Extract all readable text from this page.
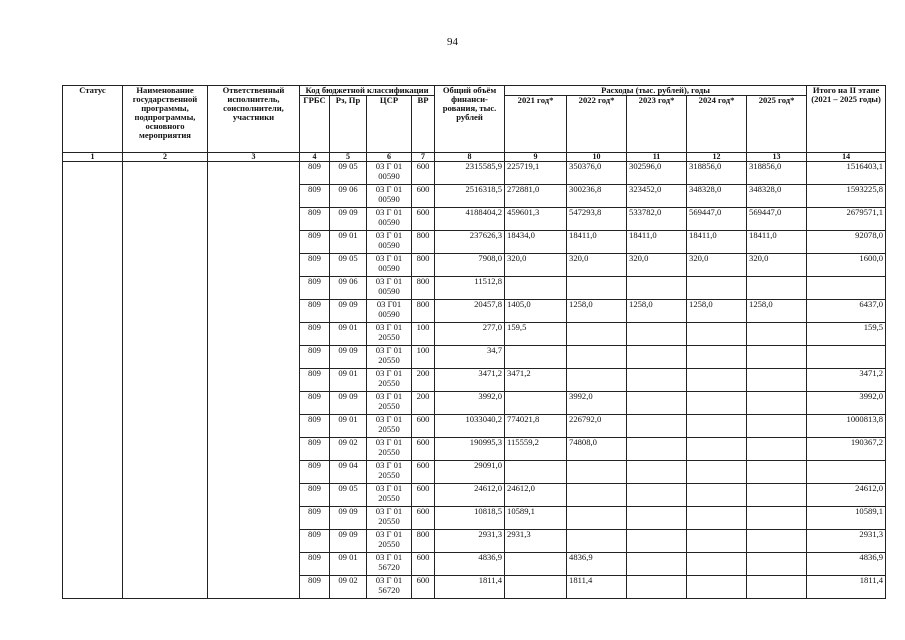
94
Статус	Наименование государственной программы, подпрограммы, основного мероприятия	Ответственный исполнитель, соисполнители, участники	Код бюджетной классификации				Общий объём финанси-рования, тыс. рублей	Расходы (тыс. рублей), годы					Итого на II этапе (2021 – 2025 годы)
			ГРБС	Рз, Пр	ЦСР	ВР		2021 год*	2022 год*	2023 год*	2024 год*	2025 год*	
1	2	3	4	5	6	7	8	9	10	11	12	13	14
			809	09 05	03 Г 01
00590	600	2315585,9	225719,1	350376,0	302596,0	318856,0	318856,0	1516403,1
			809	09 06	03 Г 01
00590	600	2516318,5	272881,0	300236,8	323452,0	348328,0	348328,0	1593225,8
			809	09 09	03 Г 01
00590	600	4188404,2	459601,3	547293,8	533782,0	569447,0	569447,0	2679571,1
			809	09 01	03 Г 01
00590	800	237626,3	18434,0	18411,0	18411,0	18411,0	18411,0	92078,0
			809	09 05	03 Г 01
00590	800	7908,0	320,0	320,0	320,0	320,0	320,0	1600,0
			809	09 06	03 Г 01
00590	800	11512,8						
			809	09 09	03 Г01
00590	800	20457,8	1405,0	1258,0	1258,0	1258,0	1258,0	6437,0
			809	09 01	03 Г 01
20550	100	277,0	159,5					159,5
			809	09 09	03 Г 01
20550	100	34,7						
			809	09 01	03 Г 01
20550	200	3471,2	3471,2					3471,2
			809	09 09	03 Г 01
20550	200	3992,0		3992,0				3992,0
			809	09 01	03 Г 01
20550	600	1033040,2	774021,8	226792,0				1000813,8
			809	09 02	03 Г 01
20550	600	190995,3	115559,2	74808,0				190367,2
			809	09 04	03 Г 01
20550	600	29091,0						
			809	09 05	03 Г 01
20550	600	24612,0	24612,0					24612,0
			809	09 09	03 Г 01
20550	600	10818,5	10589,1					10589,1
			809	09 09	03 Г 01
20550	800	2931,3	2931,3					2931,3
			809	09 01	03 Г 01
56720	600	4836,9		4836,9				4836,9
			809	09 02	03 Г 01
56720	600	1811,4		1811,4				1811,4
